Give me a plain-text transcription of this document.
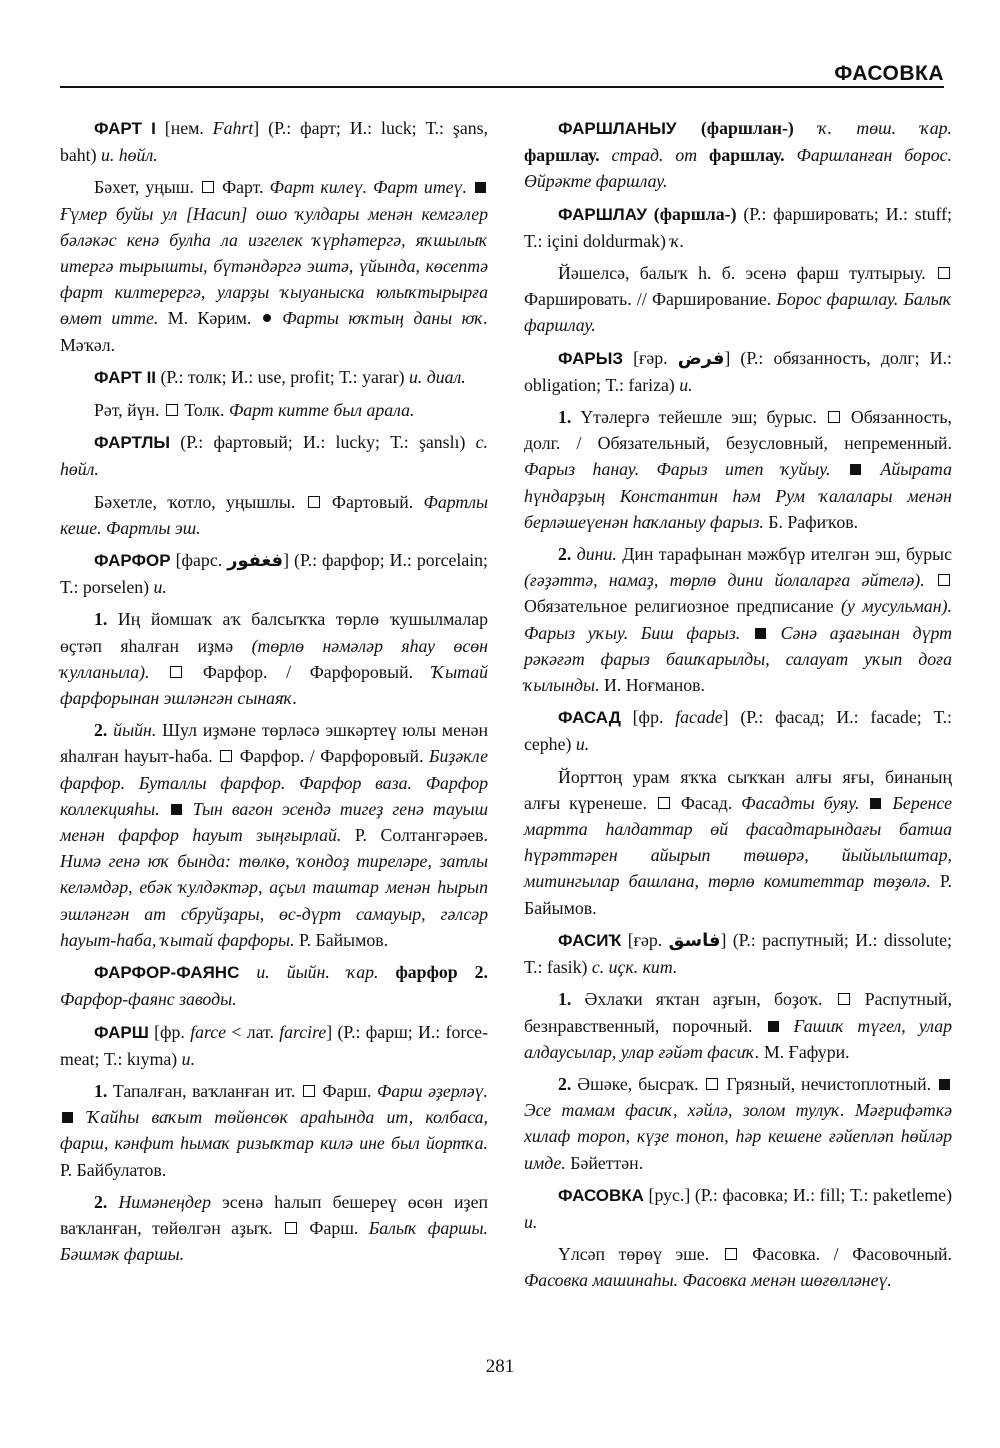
ФАСОВКА

ФАРТ I [нем. Fahrt] (Р.: фарт; И.: luck; Т.: şans, baht) и. һөйл.

Бәхет, уңыш.  Фарт. Фарт килеү. Фарт итеү.  Ғүмер буйы ул [Насип] ошо ҡулдары менән кемгәлер бәләкәс кенә булһа ла изгелек ҡүрһәтергә, яҡшылыҡ итергә тырышты, бүтәндәргә эштә, үйында, көсептә фарт килтерергә, уларҙы ҡыуаныска юлыҡтырырға өмөт итте. М. Кәрим.  Фарты юҡтың даны юҡ. Мәҡәл.

ФАРТ II (Р.: толк; И.: use, profit; Т.: yarar) и. диал.

Рәт, йүн.  Толк. Фарт китте был арала.

ФАРТЛЫ (Р.: фартовый; И.: lucky; Т.: şanslı) с. һөйл.

Бәхетле, ҡотло, уңышлы.  Фартовый. Фартлы кеше. Фартлы эш.

ФАРФОР [фарс. فغفور] (Р.: фарфор; И.: porcelain; Т.: porselen) и.

1. Иң йомшаҡ аҡ балсыҡҡа төрлө ҡушылмалар өҫтәп яһалған иҙмә (төрлө нәмәләр яһау өсөн ҡулланыла).  Фарфор. / Фарфоровый. Ҡытай фарфорынан эшләнгән сынаяҡ.

2. йыйн. Шул иҙмәне төрләсә эшкәртеү юлы менән яһалған һауыт-һаба.  Фарфор. / Фарфоровый. Биҙәкле фарфор. Буталлы фарфор. Фарфор ваза. Фарфор коллекцияһы. Тын вагон эсендә тигеҙ генә тауыш менән фарфор һауыт зыңғырлай. Р. Солтангәрәев. Нимә генә юҡ бында: төлкө, ҡондоҙ тиреләре, затлы келәмдәр, ебәк ҡулдәктәр, аҫыл таштар менән һырып эшләнгән ат сбруйҙары, өс-дүрт самауыр, гәлсәр һауыт-һаба, ҡытай фарфоры. Р. Байымов.

ФАРФОР-ФАЯНС и. йыйн. ҡар. фарфор 2. Фарфор-фаянс заводы.

ФАРШ [фр. farce < лат. farcire] (Р.: фарш; И.: force-meat; Т.: kıyma) и.

1. Тапалған, ваҡланған ит.  Фарш. Фарш әҙерләү.  Ҡайһы ваҡыт төйөнсөк араһында ит, колбаса, фарш, кәнфит һымаҡ ризыҡтар килә ине был йортҡа. Р. Байбулатов.

2. Нимәнеңдер эсенә һалып бешереү өсөн иҙеп ваҡланған, төйөлгән аҙыҡ.  Фарш. Балыҡ фаршы. Бәшмәк фаршы.

ФАРШЛАНЫУ (фаршлан-) ҡ. төш. ҡар. фаршлау. страд. от фаршлау. Фаршланған борос. Өйрәкте фаршлау.

ФАРШЛАУ (фаршла-) (Р.: фаршировать; И.: stuff; Т.: içini doldurmak) ҡ.

Йәшелсә, балыҡ һ. б. эсенә фарш тултырыу.  Фаршировать. // Фарширование. Борос фаршлау. Балыҡ фаршлау.

ФАРЫЗ [ғәр. فرض] (Р.: обязанность, долг; И.: obligation; Т.: fariza) и.

1. Үтәлергә тейешле эш; бурыс.  Обязанность, долг. / Обязательный, безусловный, непременный. Фарыз һанау. Фарыз итеп ҡуйыу.	Айырата һүндарҙың Константин һәм Рум ҡалалары менән берләшеүенән һаҡланыу фарыз. Б. Рафиҡов.

2. дини. Дин тарафынан мәжбүр ителгән эш, бурыс (ғәҙәттә, намаҙ, төрлө дини йолаларға әйтелә).  Обязательное религиозное предписание (у мусульман). Фарыз уҡыу. Биш фарыз. Сәнә аҙағынан дүрт рәкәғәт фарыз башҡарылды, салауат уҡып доға ҡылынды. И. Ноғманов.

ФАСАД [фр. facade] (Р.: фасад; И.: facade; Т.: cephe) и.

Йорттоң урам яҡҡа сыҡҡан алғы яғы, бинаның алғы күренеше.  Фасад. Фасадты буяу. Беренсе мартта һалдаттар өй фасадтарындағы батша һүрәттәрен айырып төшөрә, йыйылыштар, митингылар башлана, төрлө комитеттар төҙөлә. Р. Байымов.

ФАСИҠ [ғәр. فاسق] (Р.: распутный; И.: dissolute; Т.: fasik) с. иҫк. кит.

1. Әхлаҡи яҡтан аҙғын, боҙоҡ.  Распутный, безнравственный, порочный.  Ғашиҡ түгел, улар алдаусылар, улар ғәйәт фасиҡ. М. Ғафури.

2. Әшәке, бысраҡ.  Грязный, нечистоплотный.  Эсе тамам фасиҡ, хәйлә, золом тулуҡ. Мәғрифәткә хилаф тороп, күҙе тоноп, һәр кешене ғәйепләп һөйләр имде. Бәйеттән.

ФАСОВКА [рус.] (Р.: фасовка; И.: fill; Т.: paketleme) и.

Үлсәп төрөү эше.  Фасовка. / Фасовочный. Фасовка машинаһы. Фасовка менән шөғөлләнеү.

281
